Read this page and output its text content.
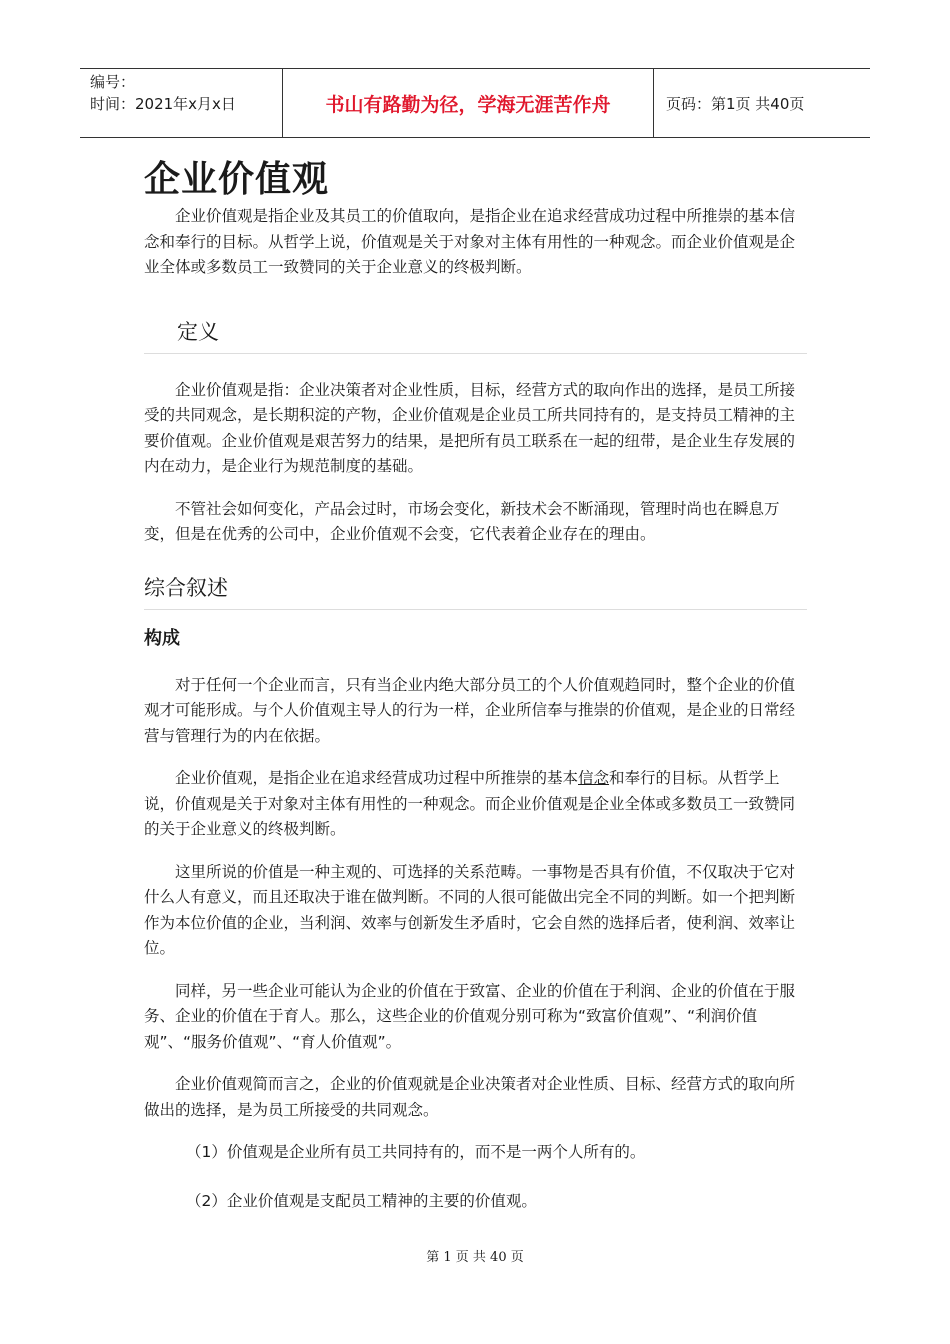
编号：
时间：2021年x月x日	书山有路勤为径，学海无涯苦作舟	页码：第1页 共40页
企业价值观

企业价值观是指企业及其员工的价值取向，是指企业在追求经营成功过程中所推崇的基本信念和奉行的目标。从哲学上说，价值观是关于对象对主体有用性的一种观念。而企业价值观是企业全体或多数员工一致赞同的关于企业意义的终极判断。

定义

企业价值观是指：企业决策者对企业性质，目标，经营方式的取向作出的选择，是员工所接受的共同观念，是长期积淀的产物，企业价值观是企业员工所共同持有的，是支持员工精神的主要价值观。企业价值观是艰苦努力的结果，是把所有员工联系在一起的纽带，是企业生存发展的内在动力，是企业行为规范制度的基础。

不管社会如何变化，产品会过时，市场会变化，新技术会不断涌现，管理时尚也在瞬息万变，但是在优秀的公司中，企业价值观不会变，它代表着企业存在的理由。

综合叙述
构成

对于任何一个企业而言，只有当企业内绝大部分员工的个人价值观趋同时，整个企业的价值观才可能形成。与个人价值观主导人的行为一样，企业所信奉与推崇的价值观，是企业的日常经营与管理行为的内在依据。

企业价值观，是指企业在追求经营成功过程中所推崇的基本信念和奉行的目标。从哲学上说，价值观是关于对象对主体有用性的一种观念。而企业价值观是企业全体或多数员工一致赞同的关于企业意义的终极判断。

这里所说的价值是一种主观的、可选择的关系范畴。一事物是否具有价值，不仅取决于它对什么人有意义，而且还取决于谁在做判断。不同的人很可能做出完全不同的判断。如一个把判断作为本位价值的企业，当利润、效率与创新发生矛盾时，它会自然的选择后者，使利润、效率让位。

同样，另一些企业可能认为企业的价值在于致富、企业的价值在于利润、企业的价值在于服务、企业的价值在于育人。那么，这些企业的价值观分别可称为“致富价值观”、“利润价值观”、“服务价值观”、“育人价值观”。

企业价值观简而言之，企业的价值观就是企业决策者对企业性质、目标、经营方式的取向所做出的选择，是为员工所接受的共同观念。

（1）价值观是企业所有员工共同持有的，而不是一两个人所有的。

（2）企业价值观是支配员工精神的主要的价值观。

第 1 页 共 40 页
